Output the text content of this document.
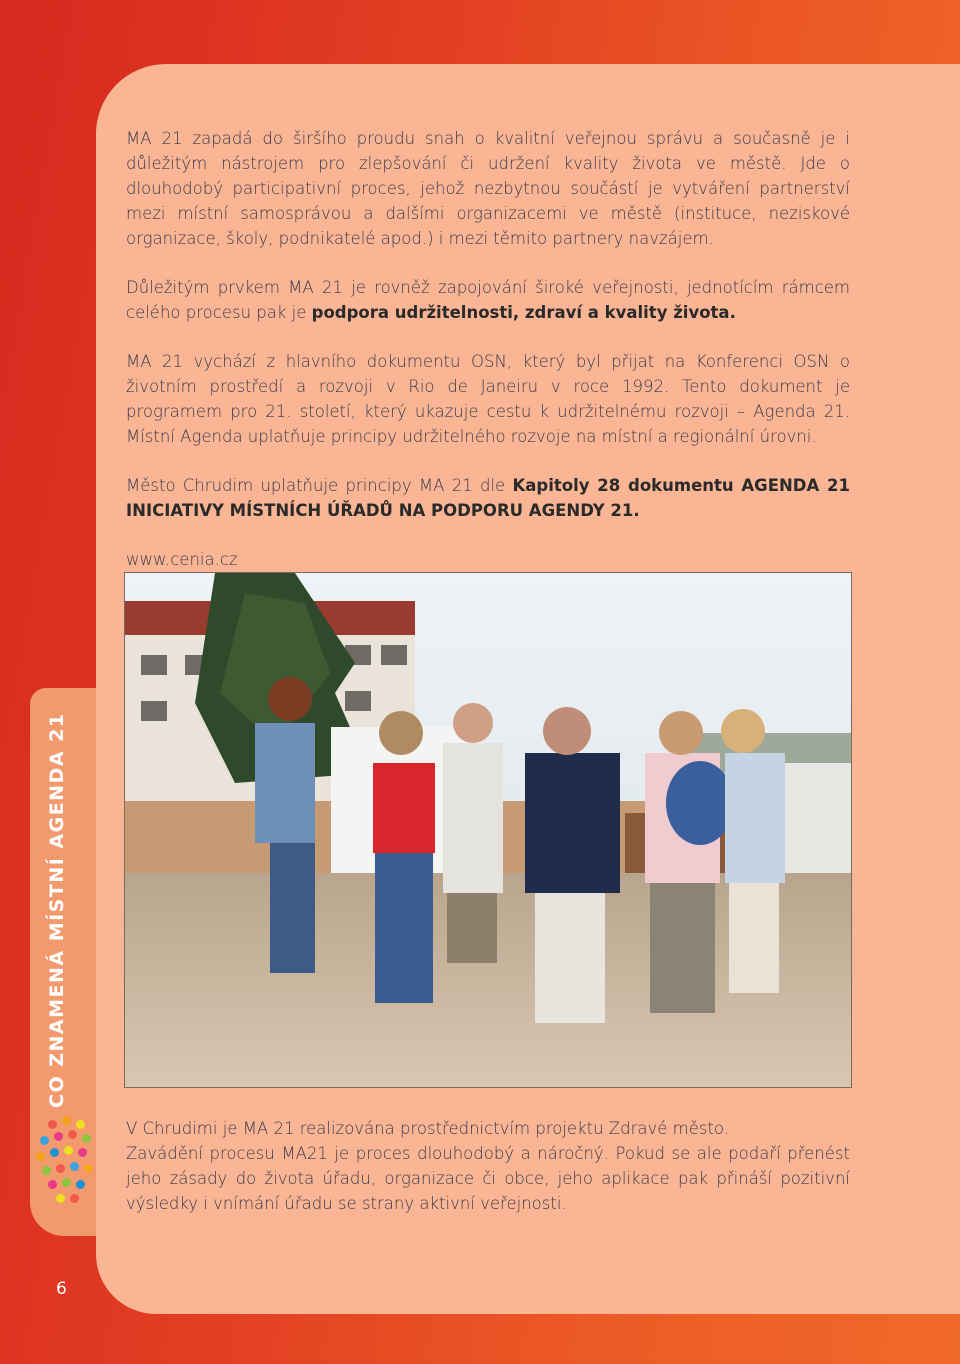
CO ZNAMENÁ MÍSTNÍ AGENDA 21
6

MA 21 zapadá do širšího proudu snah o kvalitní veřejnou správu a současně je i důležitým nástrojem pro zlepšování či udržení kvality života ve městě. Jde o dlouhodobý participativní proces, jehož nezbytnou součástí je vytváření partnerství mezi místní samosprávou a dalšími organizacemi ve městě (instituce, neziskové organizace, školy, podnikatelé apod.) i mezi těmito partnery navzájem.

Důležitým prvkem MA 21 je rovněž zapojování široké veřejnosti, jednotícím rámcem celého procesu pak je podpora udržitelnosti, zdraví a kvality života.

MA 21 vychází z hlavního dokumentu OSN, který byl přijat na Konferenci OSN o životním prostředí a rozvoji v Rio de Janeiru v roce 1992. Tento dokument je programem pro 21. století, který ukazuje cestu k udržitelnému rozvoji – Agenda 21. Místní Agenda uplatňuje principy udržitelného rozvoje na místní a regionální úrovni.

Město Chrudim uplatňuje principy MA 21 dle Kapitoly 28 dokumentu AGENDA 21 INICIATIVY MÍSTNÍCH ÚŘADŮ NA PODPORU AGENDY 21.

www.cenia.cz

V Chrudimi je MA 21 realizována prostřednictvím projektu Zdravé město.

Zavádění procesu MA21 je proces dlouhodobý a náročný. Pokud se ale podaří přenést jeho zásady do života úřadu, organizace či obce, jeho aplikace pak přináší pozitivní výsledky i vnímání úřadu se strany aktivní veřejnosti.
